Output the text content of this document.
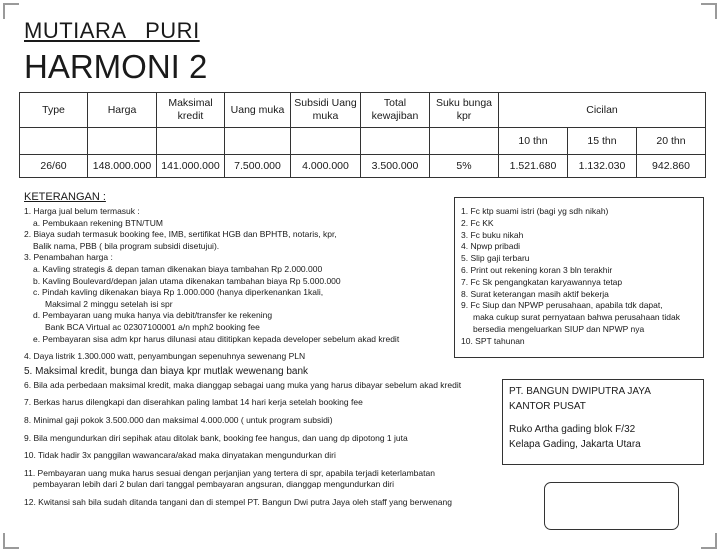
MUTIARA   PURI
HARMONI 2
Type	Harga	Maksimal kredit	Uang muka	Subsidi Uang muka	Total kewajiban	Suku bunga kpr	Cicilan		
							10 thn	15 thn	20 thn
26/60	148.000.000	141.000.000	7.500.000	4.000.000	3.500.000	5%	1.521.680	1.132.030	942.860
KETERANGAN :
1. Harga jual belum termasuk :
a. Pembukaan rekening BTN/TUM
2. Biaya sudah termasuk booking fee, IMB, sertifikat HGB dan BPHTB, notaris, kpr,
Balik nama, PBB ( bila program subsidi disetujui).
3. Penambahan harga :
a. Kavling strategis & depan taman dikenakan biaya tambahan Rp 2.000.000
b. Kavling Boulevard/depan jalan utama dikenakan tambahan biaya Rp 5.000.000
c. Pindah kavling dikenakan biaya Rp 1.000.000 (hanya diperkenankan 1kali,
Maksimal 2 minggu setelah isi spr
d. Pembayaran uang muka hanya via debit/transfer ke rekening
Bank BCA Virtual ac 02307100001 a/n mph2 booking fee
e. Pembayaran sisa adm kpr harus dilunasi atau dititipkan kepada developer sebelum akad kredit
4. Daya listrik 1.300.000 watt, penyambungan sepenuhnya sewenang PLN
5. Maksimal kredit, bunga dan biaya kpr mutlak wewenang bank
6. Bila ada perbedaan maksimal kredit, maka dianggap sebagai uang muka yang harus dibayar sebelum akad kredit
7. Berkas harus dilengkapi dan diserahkan paling lambat 14 hari kerja setelah booking fee
8. Minimal gaji pokok 3.500.000 dan maksimal 4.000.000 ( untuk program subsidi)
9. Bila mengundurkan diri sepihak atau ditolak bank, booking fee hangus, dan uang dp dipotong 1 juta
10. Tidak hadir 3x panggilan wawancara/akad maka dinyatakan mengundurkan diri
11. Pembayaran uang muka harus sesuai dengan perjanjian yang tertera di spr, apabila terjadi keterlambatan
pembayaran lebih dari 2 bulan dari tanggal pembayaran angsuran, dianggap mengundurkan diri
12. Kwitansi sah bila sudah ditanda tangani dan di stempel PT. Bangun Dwi putra Jaya oleh staff yang berwenang
1. Fc ktp suami istri (bagi yg sdh nikah)
2. Fc KK
3. Fc buku nikah
4. Npwp pribadi
5. Slip gaji terbaru
6. Print out rekening koran 3 bln terakhir
7. Fc Sk pengangkatan karyawannya tetap
8. Surat keterangan masih aktif bekerja
9. Fc Siup dan NPWP perusahaan, apabila tdk dapat,
maka cukup surat pernyataan bahwa perusahaan tidak
bersedia mengeluarkan SIUP dan NPWP nya
10. SPT tahunan
PT. BANGUN DWIPUTRA JAYA
KANTOR PUSAT
Ruko Artha gading blok F/32
Kelapa Gading, Jakarta Utara
